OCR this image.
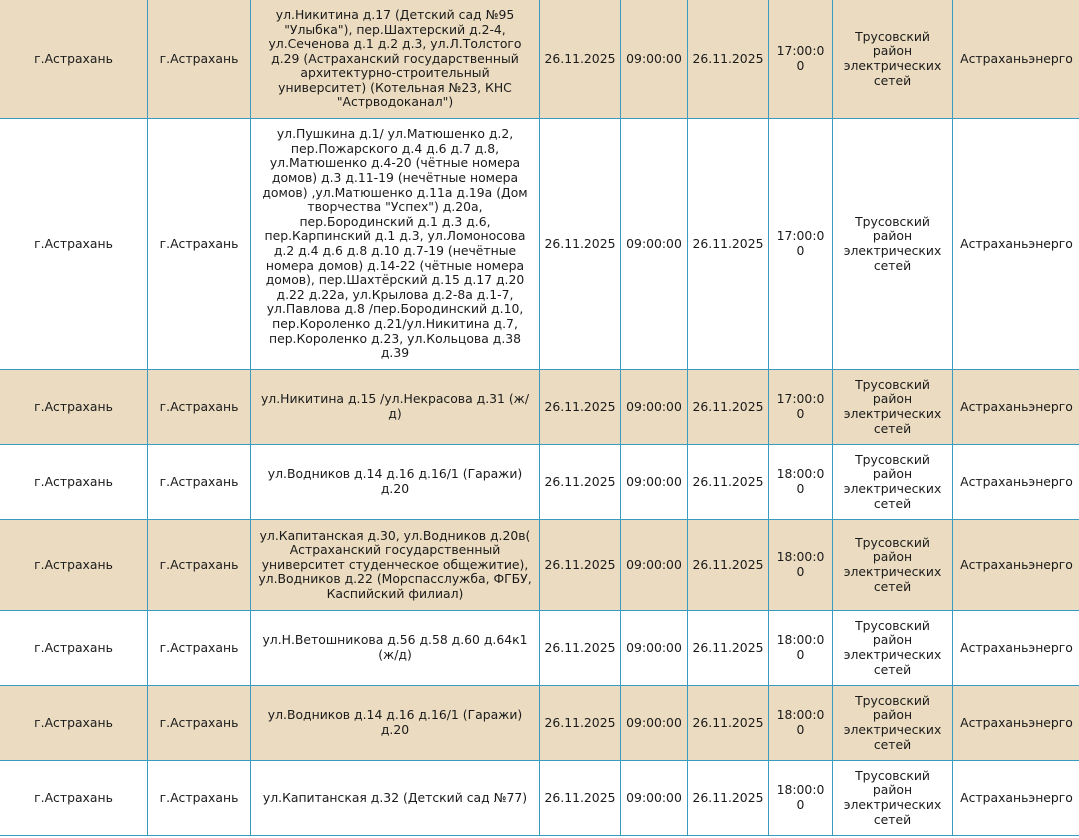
г.Астрахань	г.Астрахань	ул.Никитина д.17 (Детский сад №95 "Улыбка"), пер.Шахтерский д.2-4, ул.Сеченова д.1 д.2 д.3, ул.Л.Толстого д.29 (Астраханский государственный архитектурно-строительный университет) (Котельная №23, КНС "Астрводоканал")	26.11.2025	09:00:00	26.11.2025	17:00:00	Трусовский район электрических сетей	Астраханьэнерго
г.Астрахань	г.Астрахань	ул.Пушкина д.1/ ул.Матюшенко д.2, пер.Пожарского д.4 д.6 д.7 д.8, ул.Матюшенко д.4-20 (чётные номера домов) д.3 д.11-19 (нечётные номера домов) ,ул.Матюшенко д.11а д.19а (Дом творчества "Успех") д.20а, пер.Бородинский д.1 д.3 д.6, пер.Карпинский д.1 д.3, ул.Ломоносова д.2 д.4 д.6 д.8 д.10 д.7-19 (нечётные номера домов) д.14-22 (чётные номера домов), пер.Шахтёрский д.15 д.17 д.20 д.22 д.22а, ул.Крылова д.2-8а д.1-7, ул.Павлова д.8 /пер.Бородинский д.10, пер.Короленко д.21/ул.Никитина д.7, пер.Короленко д.23, ул.Кольцова д.38 д.39	26.11.2025	09:00:00	26.11.2025	17:00:00	Трусовский район электрических сетей	Астраханьэнерго
г.Астрахань	г.Астрахань	ул.Никитина д.15 /ул.Некрасова д.31 (ж/д)	26.11.2025	09:00:00	26.11.2025	17:00:00	Трусовский район электрических сетей	Астраханьэнерго
г.Астрахань	г.Астрахань	ул.Водников д.14 д.16 д.16/1 (Гаражи) д.20	26.11.2025	09:00:00	26.11.2025	18:00:00	Трусовский район электрических сетей	Астраханьэнерго
г.Астрахань	г.Астрахань	ул.Капитанская д.30, ул.Водников д.20в( Астраханский государственный университет студенческое общежитие), ул.Водников д.22 (Морспасслужба, ФГБУ, Каспийский филиал)	26.11.2025	09:00:00	26.11.2025	18:00:00	Трусовский район электрических сетей	Астраханьэнерго
г.Астрахань	г.Астрахань	ул.Н.Ветошникова д.56 д.58 д.60 д.64к1 (ж/д)	26.11.2025	09:00:00	26.11.2025	18:00:00	Трусовский район электрических сетей	Астраханьэнерго
г.Астрахань	г.Астрахань	ул.Водников д.14 д.16 д.16/1 (Гаражи) д.20	26.11.2025	09:00:00	26.11.2025	18:00:00	Трусовский район электрических сетей	Астраханьэнерго
г.Астрахань	г.Астрахань	ул.Капитанская д.32 (Детский сад №77)	26.11.2025	09:00:00	26.11.2025	18:00:00	Трусовский район электрических сетей	Астраханьэнерго
